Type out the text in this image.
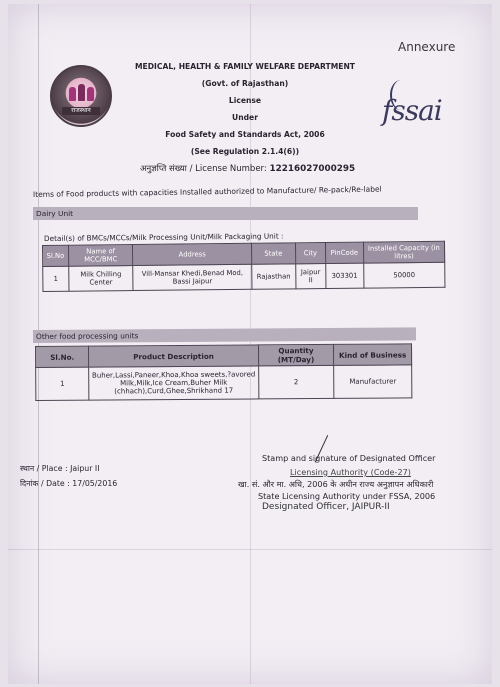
Annexure
राजस्थान	fssai
MEDICAL, HEALTH & FAMILY WELFARE DEPARTMENT
(Govt. of Rajasthan)
License
Under
Food Safety and Standards Act, 2006
(See Regulation 2.1.4(6))
अनुज्ञप्ति संख्या / License Number: 12216027000295
Items of Food products with capacities Installed authorized to Manufacture/ Re-pack/Re-label
Dairy Unit
Detail(s) of BMCs/MCCs/Milk Processing Unit/Milk Packaging Unit :
Sl.No	Name of MCC/BMC	Address	State	City	PinCode	Installed Capacity (in litres)
1	Milk Chilling Center	Vill-Mansar Khedi,Benad Mod, Bassi Jaipur	Rajasthan	Jaipur II	303301	50000
Other food processing units
Sl.No.	Product Description	Quantity (MT/Day)	Kind of Business
1	Buher,Lassi,Paneer,Khoa,Khoa sweets,?avored Milk,Milk,Ice Cream,Buher Milk (chhach),Curd,Ghee,Shrikhand 17	2	Manufacturer
Stamp and signature of Designated Officer
Licensing Authority (Code-27)
खा. सं. और मा. अधि, 2006 के अधीन राज्य अनुज्ञापन अधिकारी
State Licensing Authority under FSSA, 2006
Designated Officer, JAIPUR-II
स्थान / Place : Jaipur II
दिनांक / Date : 17/05/2016
